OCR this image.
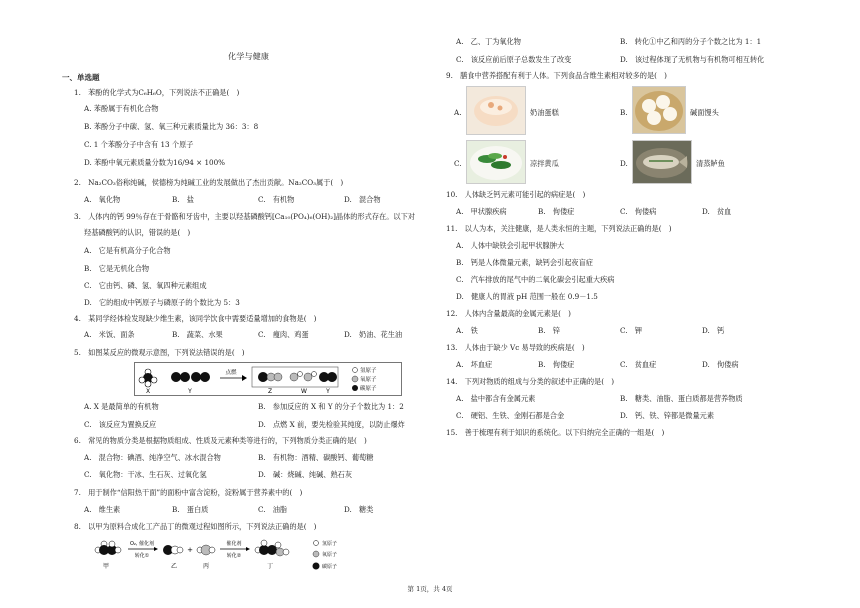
化学与健康
一、单选题
1.　 苯酚的化学式为C₆H₆O，下列说法不正确是(　)
A. 苯酚属于有机化合物
B. 苯酚分子中碳、氢、氧三种元素质量比为 36：3：8
C. 1 个苯酚分子中含有 13 个原子
D. 苯酚中氧元素质量分数为16/94 × 100%
2.　 Na₂CO₃俗称纯碱，侯德榜为纯碱工业的发展做出了杰出贡献。Na₂CO₃属于(　)
A.　氧化物	B.　盐	C.　有机物	D.　混合物
3.　 人体内的钙 99％存在于骨骼和牙齿中，主要以羟基磷酸钙[Ca₁₀(PO₄)₆(OH)₂]晶体的形式存在。以下对
羟基磷酸钙的认识，错误的是(　)
A.　它是有机高分子化合物
B.　它是无机化合物
C.　它由钙、磷、氢、氧四种元素组成
D.　它的组成中钙原子与磷原子的个数比为 5：3
4.　 某同学经体检发现缺少维生素，该同学饮食中需要适量增加的食物是(　)
A.　米饭、面条	B.　蔬菜、水果	C.　瘦肉、鸡蛋	D.　奶油、花生油
5.　 如图某反应的微观示意图，下列说法错误的是(　)
X	Y
点燃
Z	W	Y
氢原子
氧原子
碳原子
A. X 是最简单的有机物	B.　参加反应的 X 和 Y 的分子个数比为 1：2
C.　该反应为置换反应	D.　点燃 X 前，要先检验其纯度，以防止爆炸
6.　 常见的物质分类是根据物质组成、性质及元素种类等进行的，下列物质分类正确的是(　)
A.　混合物：碘酒、纯净空气、冰水混合物	B.　有机物：酒精、碳酸钙、葡萄糖
C.　氧化物：干冰、生石灰、过氧化氢	D.　碱：烧碱、纯碱、熟石灰
7.　 用于制作“信阳热干面”的面粉中富含淀粉，淀粉属于营养素中的(　)
A.　维生素	B.　蛋白质	C.　油脂	D.　糖类
8.　 以甲为原料合成化工产品丁的微观过程如图所示，下列说法正确的是(　)
甲
O₂, 催化剂
转化①
乙
+
丙
催化剂
转化②
丁
氢原子
氧原子
碳原子
A.　乙、丁为氧化物	B.　转化①中乙和丙的分子个数之比为 1：1
C.　该反应前后原子总数发生了改变	D.　该过程体现了无机物与有机物可相互转化
9.　 膳食中营养搭配有利于人体。下列食品含维生素相对较多的是(　)
A.	奶油蛋糕	B.	碱面馒头
C.	凉拌黄瓜	D.	清蒸鲈鱼
10.　 人体缺乏钙元素可能引起的病症是(　)
A.　甲状腺疾病	B.　佝偻症	C.　佝偻病	D.　贫血
11.　 以人为本，关注健康，是人类永恒的主题，下列说法正确的是(　)
A.　人体中缺铁会引起甲状腺肿大
B.　钙是人体微量元素，缺钙会引起夜盲症
C.　汽车排放的尾气中的二氧化碳会引起重大疾病
D.　健康人的胃液 pH 范围一般在 0.9－1.5
12.　 人体内含量最高的金属元素是(　)
A.　铁	B.　锌	C.　钾	D.　钙
13.　 人体由于缺少 Vc 易导致的疾病是(　)
A.　坏血症	B.　佝偻症	C.　贫血症	D.　佝偻病
14.　 下列对物质的组成与分类的叙述中正确的是(　)
A.　盐中都含有金属元素	B.　糖类、油脂、蛋白质都是营养物质
C.　硬铝、生铁、金刚石都是合金	D.　钙、铁、锌都是微量元素
15.　 善于梳理有利于知识的系统化。以下归纳完全正确的一组是(　)
第 1页，共 4页
